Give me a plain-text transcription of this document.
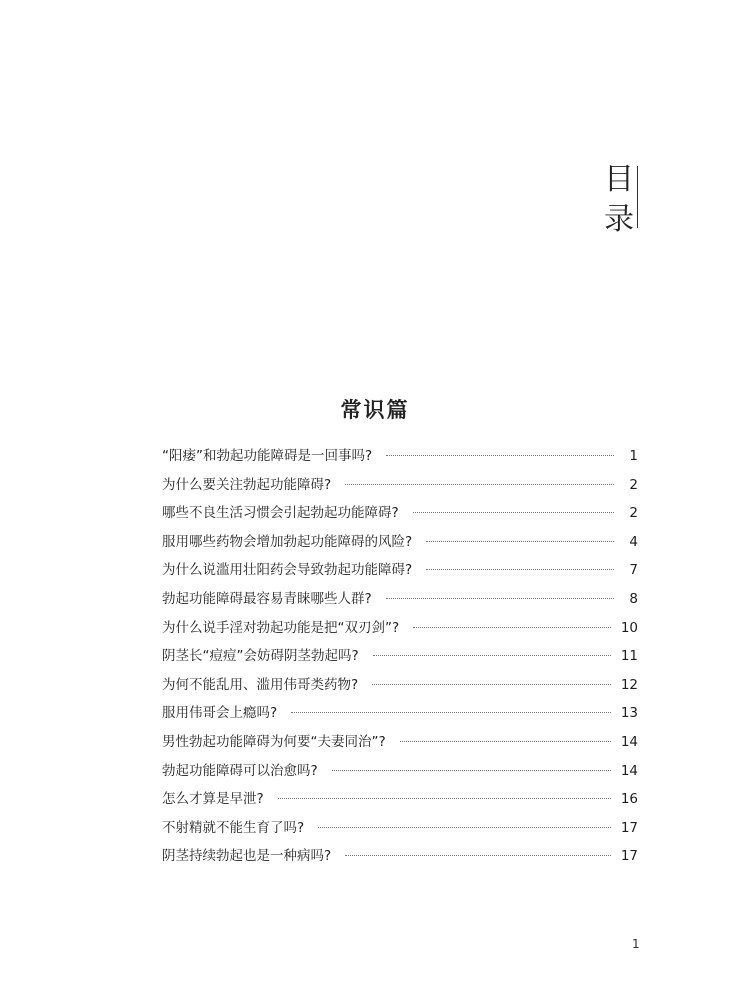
目
录
常识篇
“阳痿”和勃起功能障碍是一回事吗?	1
为什么要关注勃起功能障碍?	2
哪些不良生活习惯会引起勃起功能障碍?	2
服用哪些药物会增加勃起功能障碍的风险?	4
为什么说滥用壮阳药会导致勃起功能障碍?	7
勃起功能障碍最容易青睐哪些人群?	8
为什么说手淫对勃起功能是把“双刃剑”?	10
阴茎长“痘痘”会妨碍阴茎勃起吗?	11
为何不能乱用、滥用伟哥类药物?	12
服用伟哥会上瘾吗?	13
男性勃起功能障碍为何要“夫妻同治”?	14
勃起功能障碍可以治愈吗?	14
怎么才算是早泄?	16
不射精就不能生育了吗?	17
阴茎持续勃起也是一种病吗?	17
1
